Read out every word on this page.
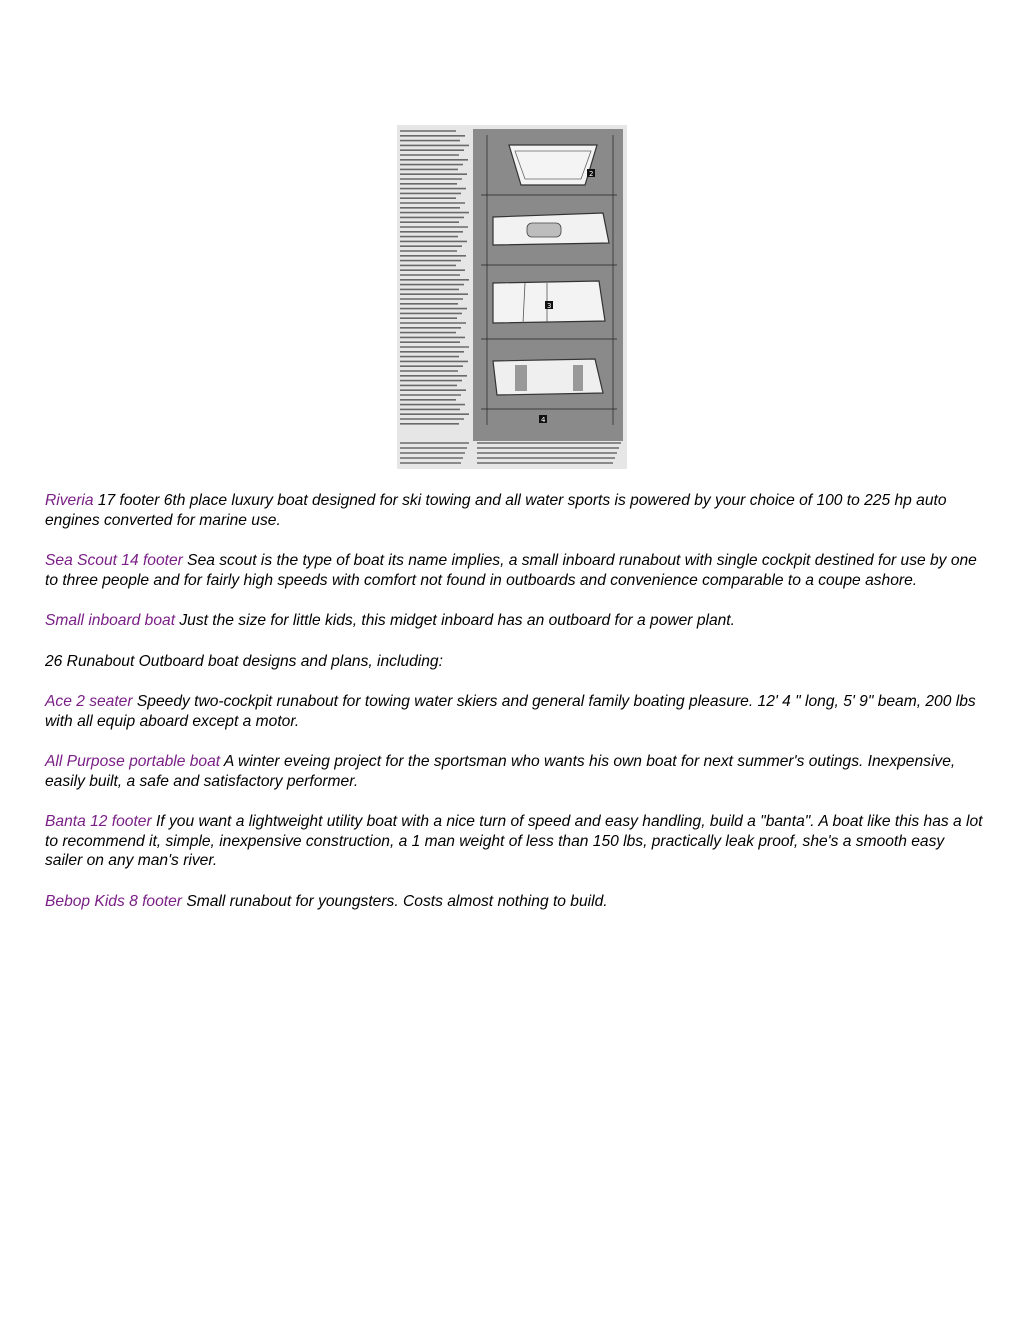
2
3
4

Riveria 17 footer 6th place luxury boat designed for ski towing and all water sports is powered by your choice of 100 to 225 hp auto engines converted for marine use.

Sea Scout 14 footer Sea scout is the type of boat its name implies, a small inboard runabout with single cockpit destined for use by one to three people and for fairly high speeds with comfort not found in outboards and convenience comparable to a coupe ashore.

Small inboard boat Just the size for little kids, this midget inboard has an outboard for a power plant.

26 Runabout Outboard boat designs and plans, including:

Ace 2 seater Speedy two-cockpit runabout for towing water skiers and general family boating pleasure. 12' 4 " long, 5' 9" beam, 200 lbs with all equip aboard except a motor.

All Purpose portable boat A winter eveing project for the sportsman who wants his own boat for next summer's outings. Inexpensive, easily built, a safe and satisfactory performer.

Banta 12 footer If you want a lightweight utility boat with a nice turn of speed and easy handling, build a "banta". A boat like this has a lot to recommend it, simple, inexpensive construction, a 1 man weight of less than 150 lbs, practically leak proof, she's a smooth easy sailer on any man's river.

Bebop Kids 8 footer Small runabout for youngsters. Costs almost nothing to build.
